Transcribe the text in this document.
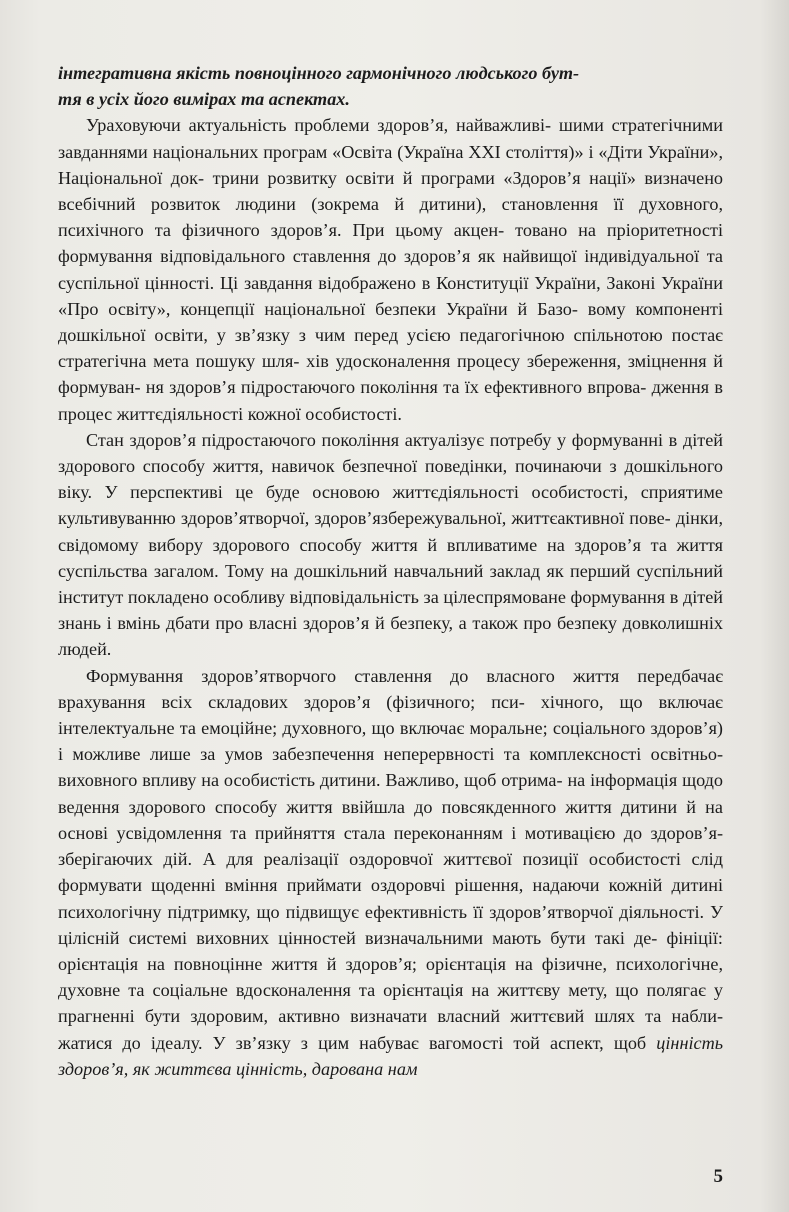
інтегративна якість повноцінного гармонічного людського бут-
тя в усіх його вимірах та аспектах.

Ураховуючи актуальність проблеми здоров’я, найважливі- шими стратегічними завданнями національних програм «Освіта (Україна XXI століття)» і «Діти України», Національної док- трини розвитку освіти й програми «Здоров’я нації» визначено всебічний розвиток людини (зокрема й дитини), становлення її духовного, психічного та фізичного здоров’я. При цьому акцен- товано на пріоритетності формування відповідального ставлення до здоров’я як найвищої індивідуальної та суспільної цінності. Ці завдання відображено в Конституції України, Законі України «Про освіту», концепції національної безпеки України й Базо- вому компоненті дошкільної освіти, у зв’язку з чим перед усією педагогічною спільнотою постає стратегічна мета пошуку шля- хів удосконалення процесу збереження, зміцнення й формуван- ня здоров’я підростаючого покоління та їх ефективного впрова- дження в процес життєдіяльності кожної особистості.

Стан здоров’я підростаючого покоління актуалізує потребу у формуванні в дітей здорового способу життя, навичок безпечної поведінки, починаючи з дошкільного віку. У перспективі це буде основою життєдіяльності особистості, сприятиме культивуванню здоров’ятворчої, здоров’язбережувальної, життєактивної пове- дінки, свідомому вибору здорового способу життя й впливатиме на здоров’я та життя суспільства загалом. Тому на дошкільний навчальний заклад як перший суспільний інститут покладено особливу відповідальність за цілеспрямоване формування в дітей знань і вмінь дбати про власні здоров’я й безпеку, а також про безпеку довколишніх людей.

Формування здоров’ятворчого ставлення до власного життя передбачає врахування всіх складових здоров’я (фізичного; пси- хічного, що включає інтелектуальне та емоційне; духовного, що включає моральне; соціального здоров’я) і можливе лише за умов забезпечення неперервності та комплексності освітньо- виховного впливу на особистість дитини. Важливо, щоб отрима- на інформація щодо ведення здорового способу життя ввійшла до повсякденного життя дитини й на основі усвідомлення та прийняття стала переконанням і мотивацією до здоров’я- зберігаючих дій. А для реалізації оздоровчої життєвої позиції особистості слід формувати щоденні вміння приймати оздоровчі рішення, надаючи кожній дитині психологічну підтримку, що підвищує ефективність її здоров’ятворчої діяльності. У цілісній системі виховних цінностей визначальними мають бути такі де- фініції: орієнтація на повноцінне життя й здоров’я; орієнтація на фізичне, психологічне, духовне та соціальне вдосконалення та орієнтація на життєву мету, що полягає у прагненні бути здоровим, активно визначати власний життєвий шлях та набли- жатися до ідеалу. У зв’язку з цим набуває вагомості той аспект, щоб цінність здоров’я, як життєва цінність, дарована нам

5
